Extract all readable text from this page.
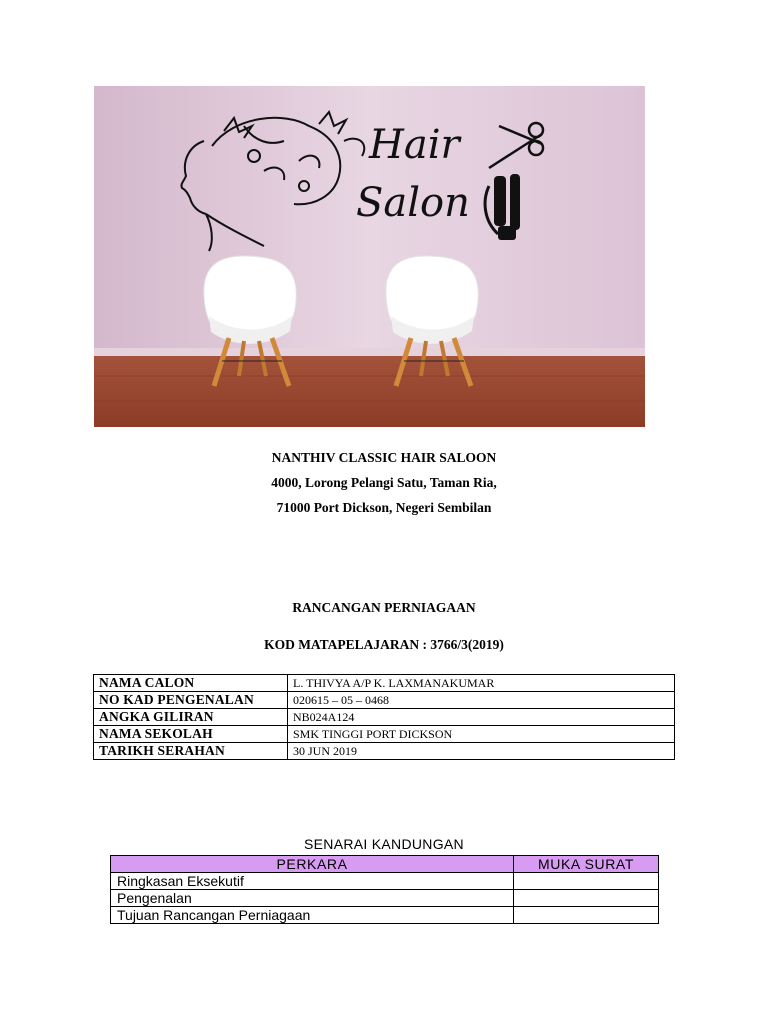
Hair
Salon
NANTHIV CLASSIC HAIR SALOON
4000, Lorong Pelangi Satu, Taman Ria,
71000 Port Dickson, Negeri Sembilan
RANCANGAN PERNIAGAAN
KOD MATAPELAJARAN : 3766/3(2019)
NAMA CALON	L. THIVYA A/P K. LAXMANAKUMAR
NO KAD PENGENALAN	020615 – 05 – 0468
ANGKA GILIRAN	NB024A124
NAMA SEKOLAH	SMK TINGGI PORT DICKSON
TARIKH SERAHAN	30 JUN 2019
SENARAI KANDUNGAN
PERKARA	MUKA SURAT
Ringkasan Eksekutif	
Pengenalan	
Tujuan Rancangan Perniagaan	
